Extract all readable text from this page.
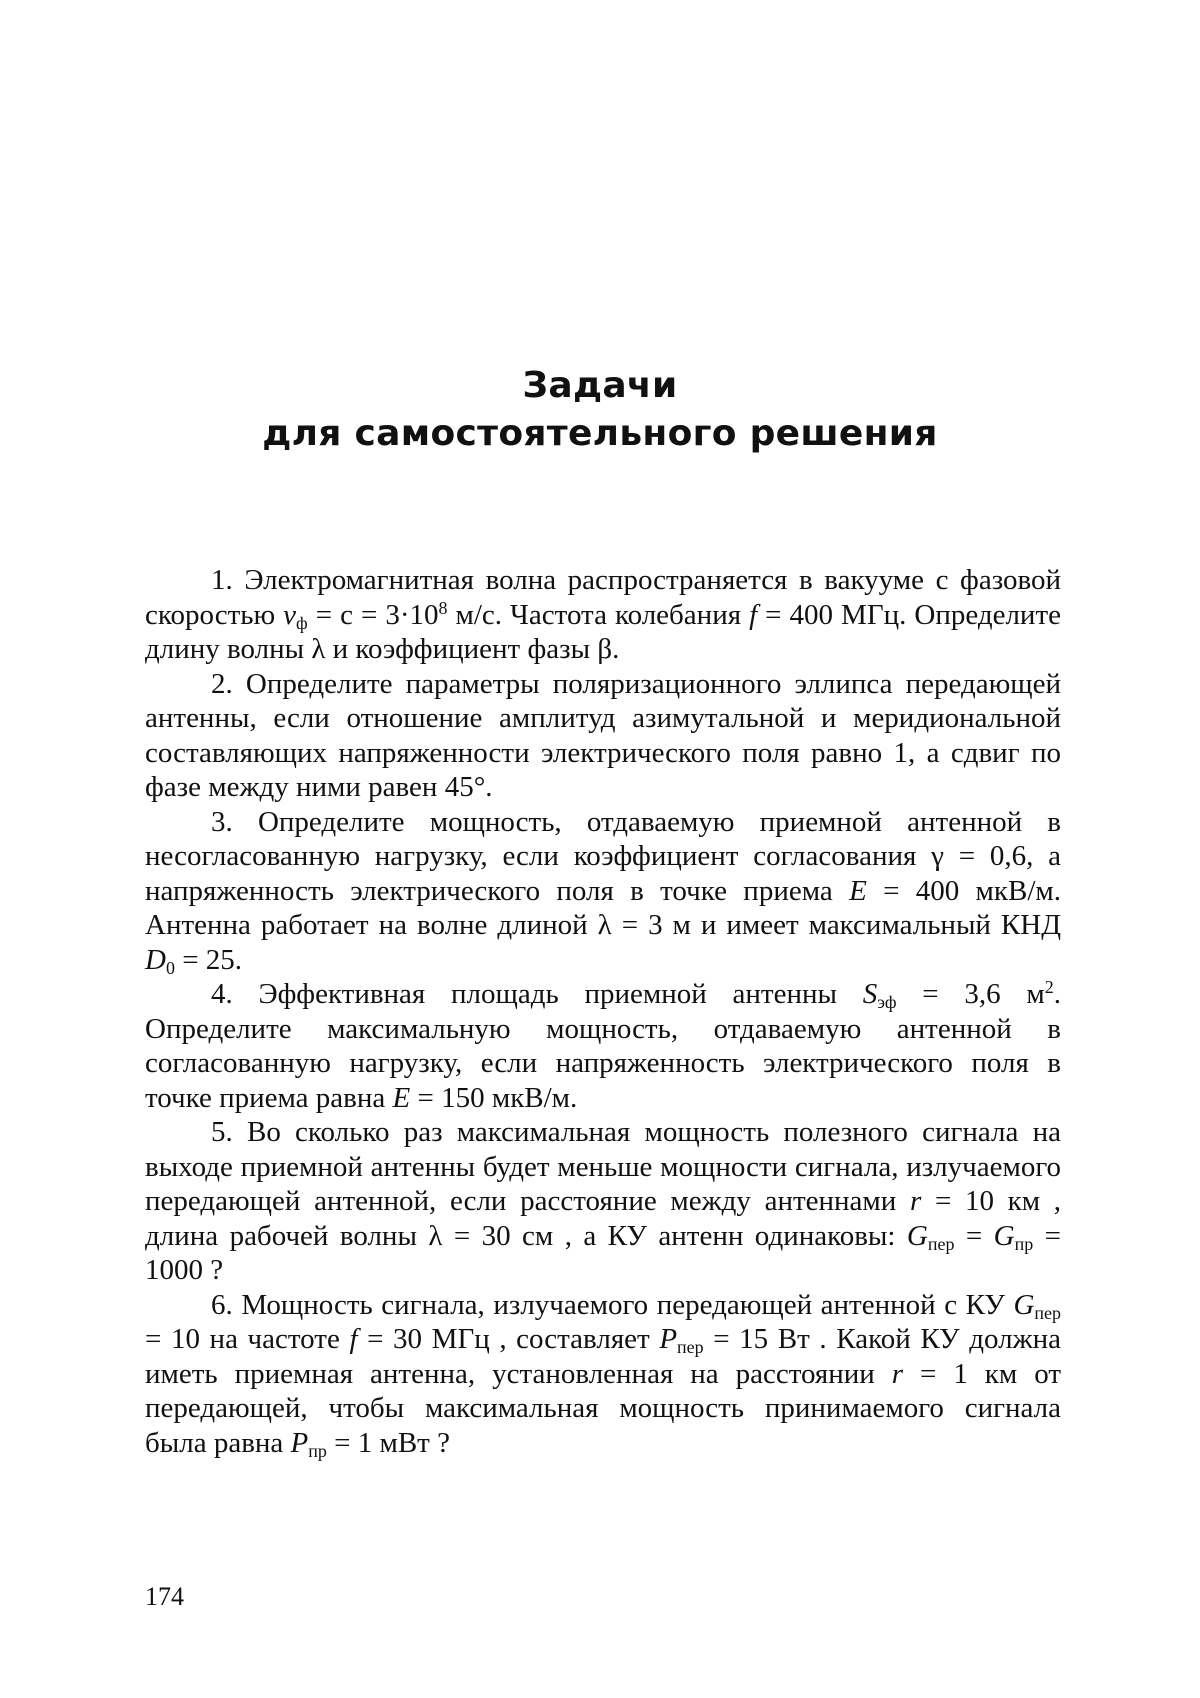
Задачи
для самостоятельного решения

1. Электромагнитная волна распространяется в вакууме с фазовой скоростью $v_ф = c = 3\cdot 10^8$ м/с. Частота колебания f = 400 МГц. Определите длину волны λ и коэффициент фазы β.

2. Определите параметры поляризационного эллипса передающей антенны, если отношение амплитуд азимутальной и меридиональной составляющих напряженности электрического поля равно 1, а сдвиг по фазе между ними равен 45°.

3. Определите мощность, отдаваемую приемной антенной в несогласованную нагрузку, если коэффициент согласования γ = 0,6, а напряженность электрического поля в точке приема E = 400 мкВ/м. Антенна работает на волне длиной λ = 3 м и имеет максимальный КНД $D_0 = 25$.

4. Эффективная площадь приемной антенны $S_{эф} = 3,6$ $м^2$. Определите максимальную мощность, отдаваемую антенной в согласованную нагрузку, если напряженность электрического поля в точке приема равна E = 150 мкВ/м.

5. Во сколько раз максимальная мощность полезного сигнала на выходе приемной антенны будет меньше мощности сигнала, излучаемого передающей антенной, если расстояние между антеннами r = 10 км , длина рабочей волны λ = 30 см , а КУ антенн одинаковы: $G_{пер} = G_{пр} = 1000$ ?

6. Мощность сигнала, излучаемого передающей антенной с КУ $G_{пер} = 10$ на частоте f = 30 МГц , составляет $P_{пер} = 15$ Вт . Какой КУ должна иметь приемная антенна, установленная на расстоянии r = 1 км от передающей, чтобы максимальная мощность принимаемого сигнала была равна $P_{пр} = 1$ мВт ?

174
